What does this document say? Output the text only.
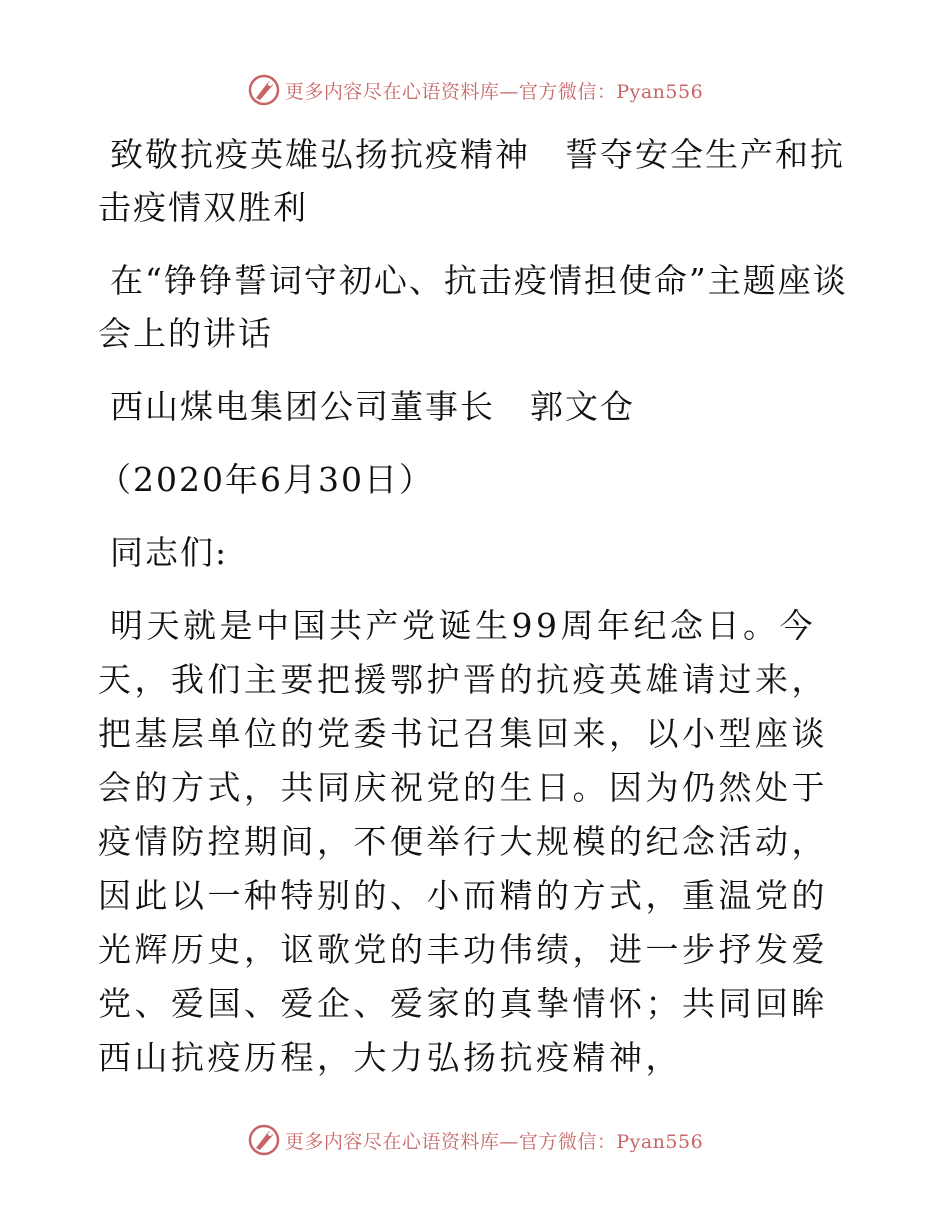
更多内容尽在心语资料库—官方微信：Pyan556

致敬抗疫英雄弘扬抗疫精神　誓夺安全生产和抗击疫情双胜利

在“铮铮誓词守初心、抗击疫情担使命”主题座谈会上的讲话

西山煤电集团公司董事长　郭文仓

（2020年6月30日）

同志们:

明天就是中国共产党诞生99周年纪念日。今天，我们主要把援鄂护晋的抗疫英雄请过来，把基层单位的党委书记召集回来，以小型座谈会的方式，共同庆祝党的生日。因为仍然处于疫情防控期间，不便举行大规模的纪念活动，因此以一种特别的、小而精的方式，重温党的光辉历史，讴歌党的丰功伟绩，进一步抒发爱党、爱国、爱企、爱家的真挚情怀；共同回眸西山抗疫历程，大力弘扬抗疫精神，

更多内容尽在心语资料库—官方微信：Pyan556
